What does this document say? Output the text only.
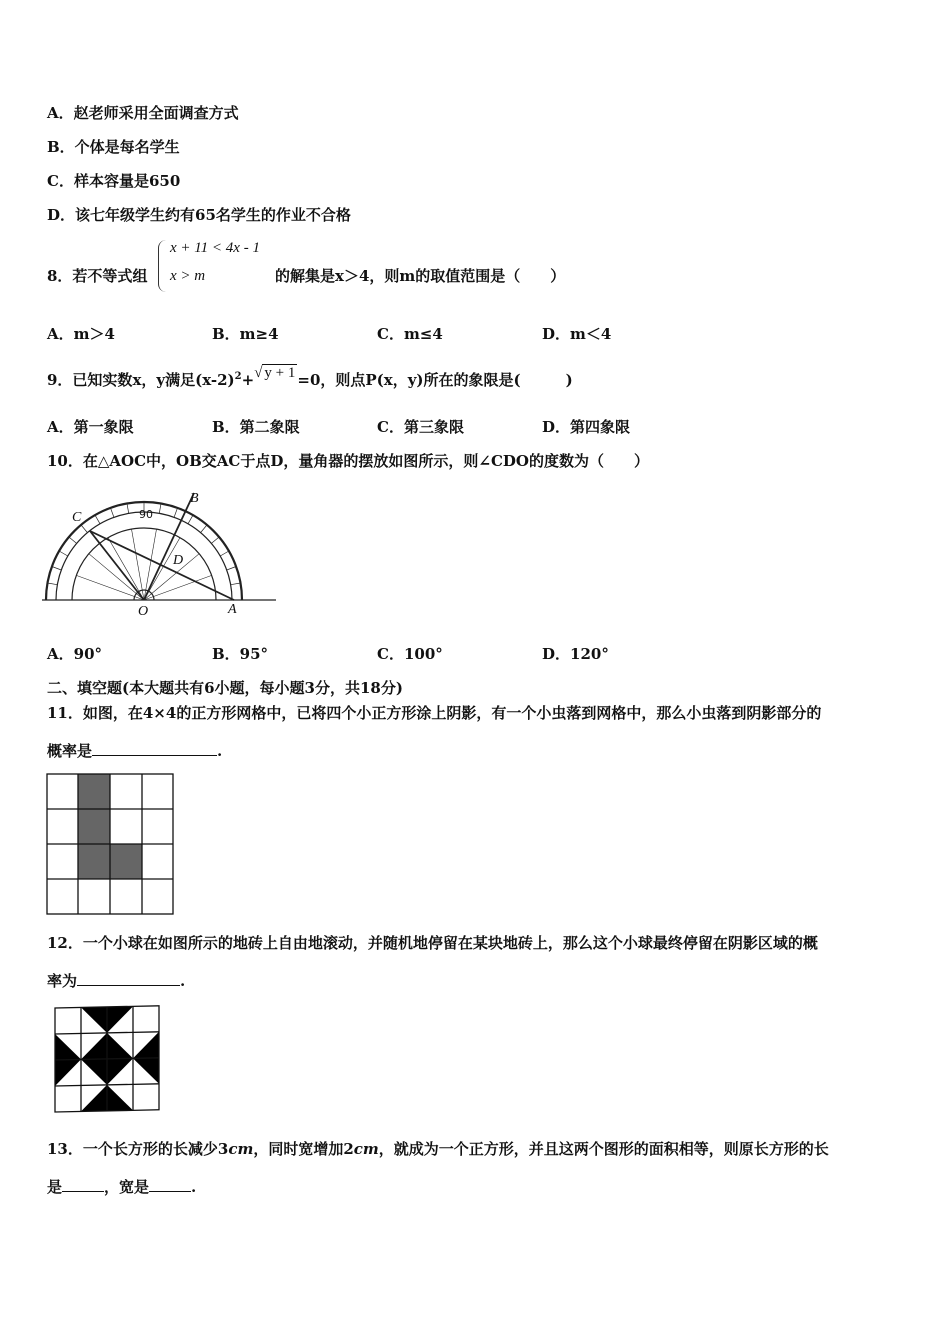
A．赵老师采用全面调查方式
B．个体是每名学生
C．样本容量是650
D．该七年级学生约有65名学生的作业不合格
8．若不等式组
x + 11 < 4x - 1
x > m	的解集是x＞4，则m的取值范围是（　　）
A．m＞4	B．m≥4	C．m≤4	D．m＜4
9．已知实数x，y满足$(x-2)^2+√$ y + 1 =0，则点P(x，y)所在的象限是(　　　)
A．第一象限	B．第二象限	C．第三象限	D．第四象限
10．在△AOC中，OB交AC于点D，量角器的摆放如图所示，则∠CDO的度数为（　　）
C
B
D
O	A
90
A．90°	B．95°	C．100°	D．120°
二、填空题(本大题共有6小题，每小题3分，共18分)
11．如图，在4×4的正方形网格中，已将四个小正方形涂上阴影，有一个小虫落到网格中，那么小虫落到阴影部分的
概率是	.
12．一个小球在如图所示的地砖上自由地滚动，并随机地停留在某块地砖上，那么这个小球最终停留在阴影区域的概
率为	.
13．一个长方形的长减少3cm，同时宽增加2cm，就成为一个正方形，并且这两个图形的面积相等，则原长方形的长
是	，宽是	.
